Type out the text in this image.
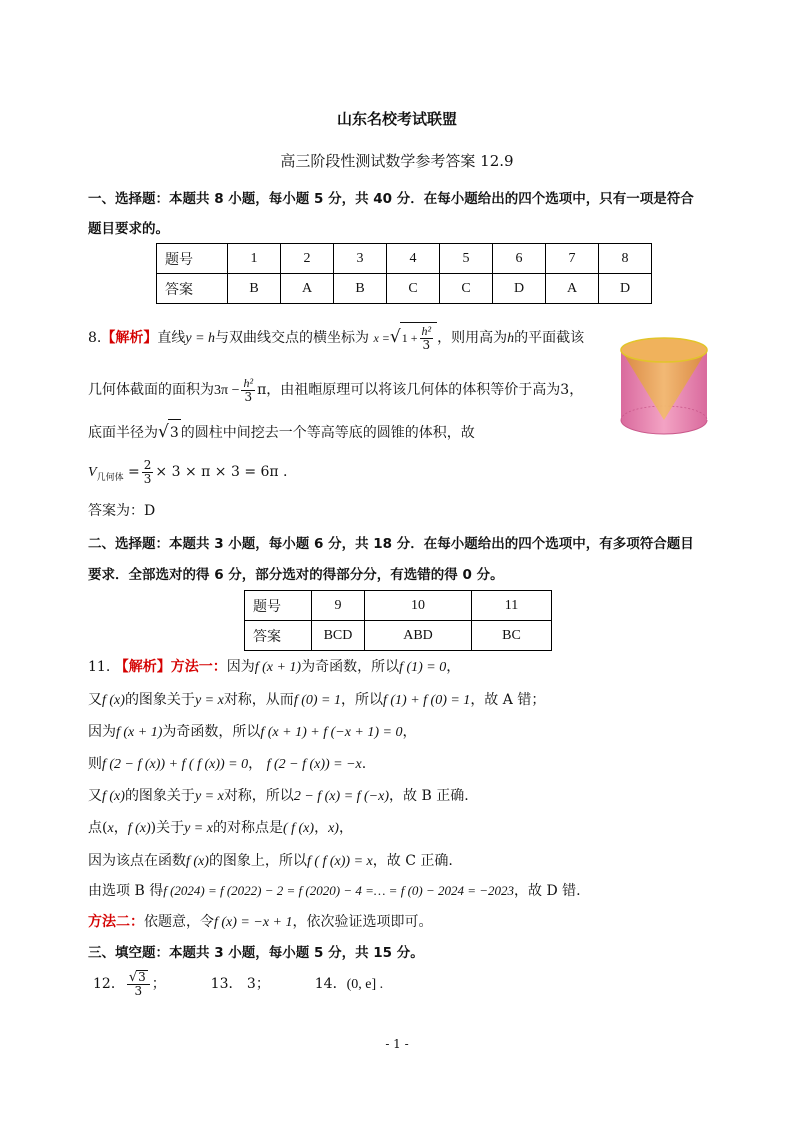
山东名校考试联盟
高三阶段性测试数学参考答案 12.9
一、选择题：本题共 8 小题，每小题 5 分，共 40 分．在每小题给出的四个选项中，只有一项是符合
题目要求的。
题号	1	2	3	4	5	6	7	8
答案	B	A	B	C	C	D	A	D
8.【解析】直线y = h与双曲线交点的横坐标为 $x =√1 + \frac{\text{h²}}{3}$ ，则用高为h的平面截该
几何体截面的面积为$3\pi - \frac{\text{h²}}{3}$ π，由祖暅原理可以将该几何体的体积等价于高为3，
底面半径为√3 的圆柱中间挖去一个等高等底的圆锥的体积，故
$V_{几何体} = \frac{2}{3} \times 3 \times \pi \times 3 = 6\pi$ .
答案为：D
二、选择题：本题共 3 小题，每小题 6 分，共 18 分．在每小题给出的四个选项中，有多项符合题目
要求．全部选对的得 6 分，部分选对的得部分分，有选错的得 0 分。
题号	9	10	11
答案	BCD	ABD	BC
11. 【解析】方法一：因为f (x + 1)为奇函数，所以f (1) = 0，
又f (x)的图象关于y = x对称，从而f (0) = 1，所以f (1) + f (0) = 1，故 A 错；
因为f (x + 1)为奇函数，所以f (x + 1) + f (−x + 1) = 0，
则f (2 − f (x)) + f ( f (x)) = 0， f (2 − f (x)) = −x.
又f (x)的图象关于y = x对称，所以2 − f (x) = f (−x)，故 B 正确.
点(x，f (x))关于y = x的对称点是( f (x)，x)，
因为该点在函数f (x)的图象上，所以f ( f (x)) = x，故 C 正确.
由选项 B 得f (2024) = f (2022) − 2 = f (2020) − 4 =… = f (0) − 2024 = −2023，故 D 错.
方法二：依题意，令f (x) = −x + 1，依次验证选项即可。
三、填空题：本题共 3 小题，每小题 5 分，共 15 分。
12． $\frac{√3}{3}$ ；	13． 3；	14．(0, e] .
- 1 -
